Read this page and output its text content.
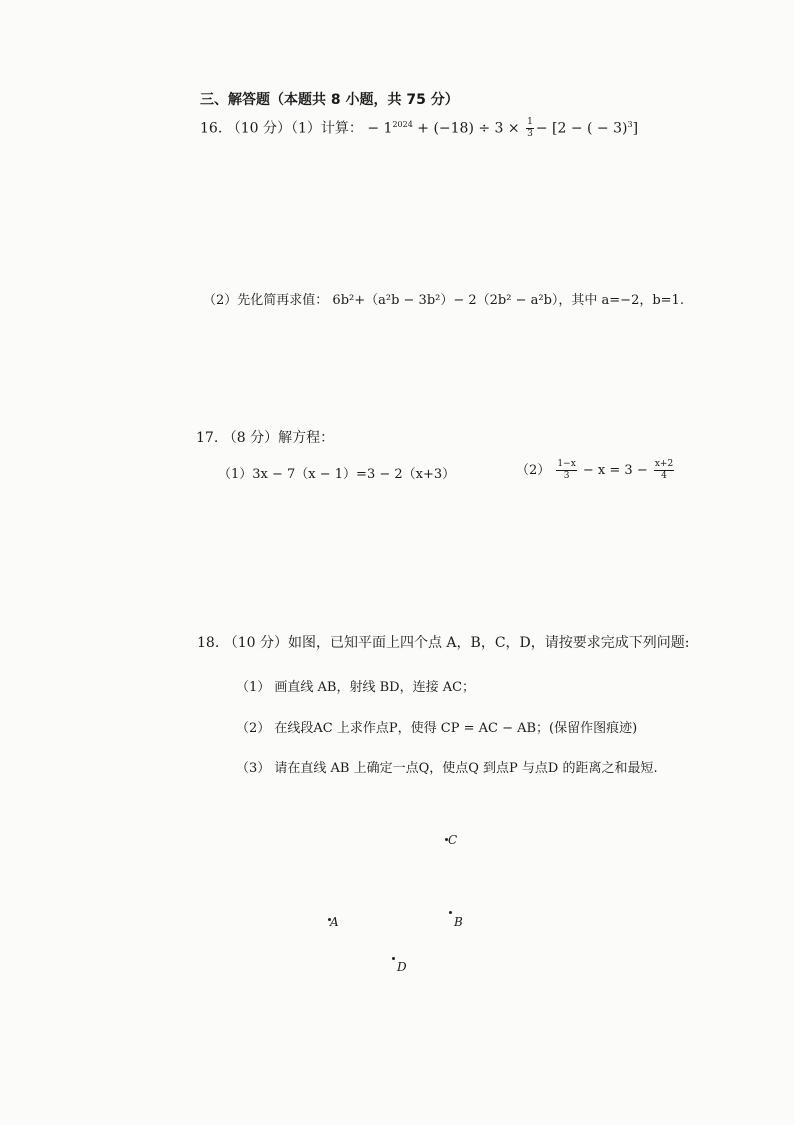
三、解答题（本题共 8 小题，共 75 分）
16. （10 分）（1）计算： − $1^{2024} + (-18) \div 3 \times \frac{1}{3} - [2$ − ( − 3)$^3$]
（2）先化简再求值： 6b²+（a²b − 3b²）− 2（2b² − a²b），其中 a=−2，b=1.
17. （8 分）解方程：
（1）3x − 7（x − 1）=3 − 2（x+3）	$(2) \frac{1-x}{3} - x = 3 - \frac{x+2}{4}$
18. （10 分）如图，已知平面上四个点 A，B，C，D，请按要求完成下列问题:
（1） 画直线 AB，射线 BD，连接 AC；
（2） 在线段AC 上求作点P，使得 CP = AC − AB；(保留作图痕迹)
（3） 请在直线 AB 上确定一点Q，使点Q 到点P 与点D 的距离之和最短.
C
A	B
D
